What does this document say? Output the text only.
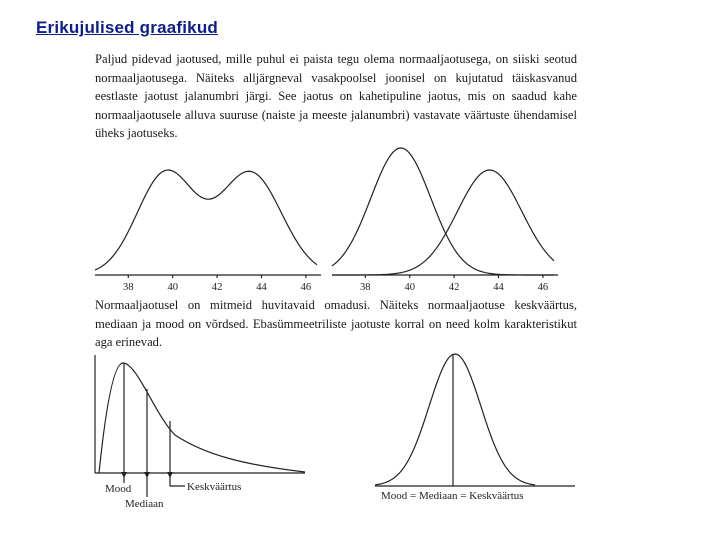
Erikujulised graafikud
Paljud pidevad jaotused, mille puhul ei paista tegu olema normaaljaotusega, on siiski seotud normaaljaotusega. Näiteks alljärgneval vasakpoolsel joonisel on kujutatud täiskasvanud eestlaste jaotust jalanumbri järgi. See jaotus on kahetipuline jaotus, mis on saadud kahe normaaljaotusele alluva suuruse (naiste ja meeste jalanumbri) vastavate väärtuste ühendamisel üheks jaotuseks.
38	40	42	44	46	38	40	42	44	46
Normaaljaotusel on mitmeid huvitavaid omadusi. Näiteks normaaljaotuse keskväärtus, mediaan ja mood on võrdsed. Ebasümmeetriliste jaotuste korral on need kolm karakteristikut aga erinevad.
Mood
Mediaan
Keskväärtus
Mood = Mediaan = Keskväärtus
